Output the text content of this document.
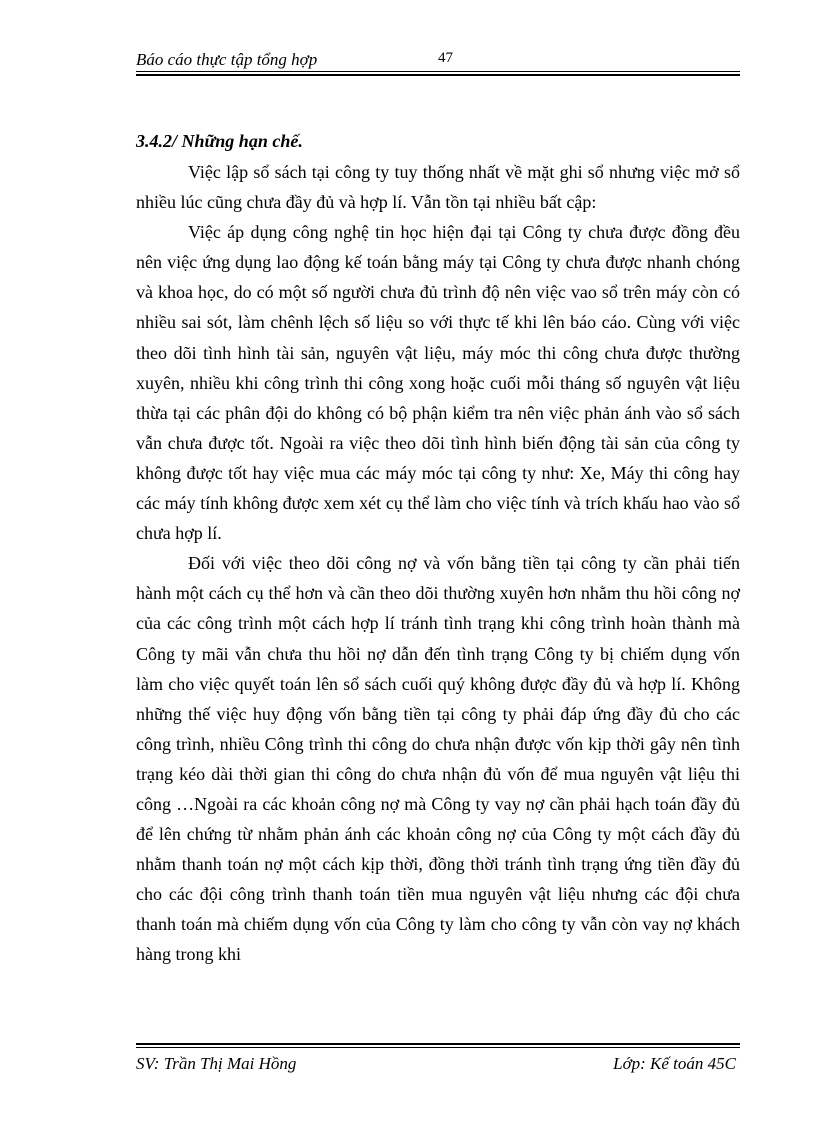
Báo cáo thực tập tổng hợp	47
3.4.2/ Những hạn chế.

Việc lập sổ sách tại công ty tuy thống nhất về mặt ghi sổ nhưng việc mở sổ nhiều lúc cũng chưa đầy đủ và hợp lí. Vẫn tồn tại nhiều bất cập:

Việc áp dụng công nghệ tin học hiện đại tại Công ty chưa được đồng đều nên việc ứng dụng lao động kế toán bằng máy tại Công ty chưa được nhanh chóng và khoa học, do có một số người chưa đủ trình độ nên việc vao sổ trên máy còn có nhiều sai sót, làm chênh lệch số liệu so với thực tế khi lên báo cáo. Cùng với việc theo dõi tình hình tài sản, nguyên vật liệu, máy móc thi công chưa được thường xuyên, nhiều khi công trình thi công xong hoặc cuối mỗi tháng số nguyên vật liệu thừa tại các phân đội do không có bộ phận kiểm tra nên việc phản ánh vào sổ sách vẫn chưa được tốt. Ngoài ra việc theo dõi tình hình biến động tài sản của công ty không được tốt hay việc mua các máy móc tại công ty như: Xe, Máy thi công hay các máy tính không được xem xét cụ thể làm cho việc tính và trích khấu hao vào sổ chưa hợp lí.

Đối với việc theo dõi công nợ và vốn bằng tiền tại công ty cần phải tiến hành một cách cụ thể hơn và cần theo dõi thường xuyên hơn nhằm thu hồi công nợ của các công trình một cách hợp lí tránh tình trạng khi công trình hoàn thành mà Công ty mãi vẫn chưa thu hồi nợ dẫn đến tình trạng Công ty bị chiếm dụng vốn làm cho việc quyết toán lên sổ sách cuối quý không được đầy đủ và hợp lí. Không những thế việc huy động vốn bằng tiền tại công ty phải đáp ứng đầy đủ cho các công trình, nhiều Công trình thi công do chưa nhận được vốn kịp thời gây nên tình trạng kéo dài thời gian thi công do chưa nhận đủ vốn để mua nguyên vật liệu thi công …Ngoài ra các khoản công nợ mà Công ty vay nợ cần phải hạch toán đầy đủ để lên chứng từ nhằm phản ánh các khoản công nợ của Công ty một cách đầy đủ nhằm thanh toán nợ một cách kịp thời, đồng thời tránh tình trạng ứng tiền đầy đủ cho các đội công trình thanh toán tiền mua nguyên vật liệu nhưng các đội chưa thanh toán mà chiếm dụng vốn của Công ty làm cho công ty vẫn còn vay nợ khách hàng trong khi

SV: Trần Thị Mai Hồng	Lớp: Kế toán 45C
